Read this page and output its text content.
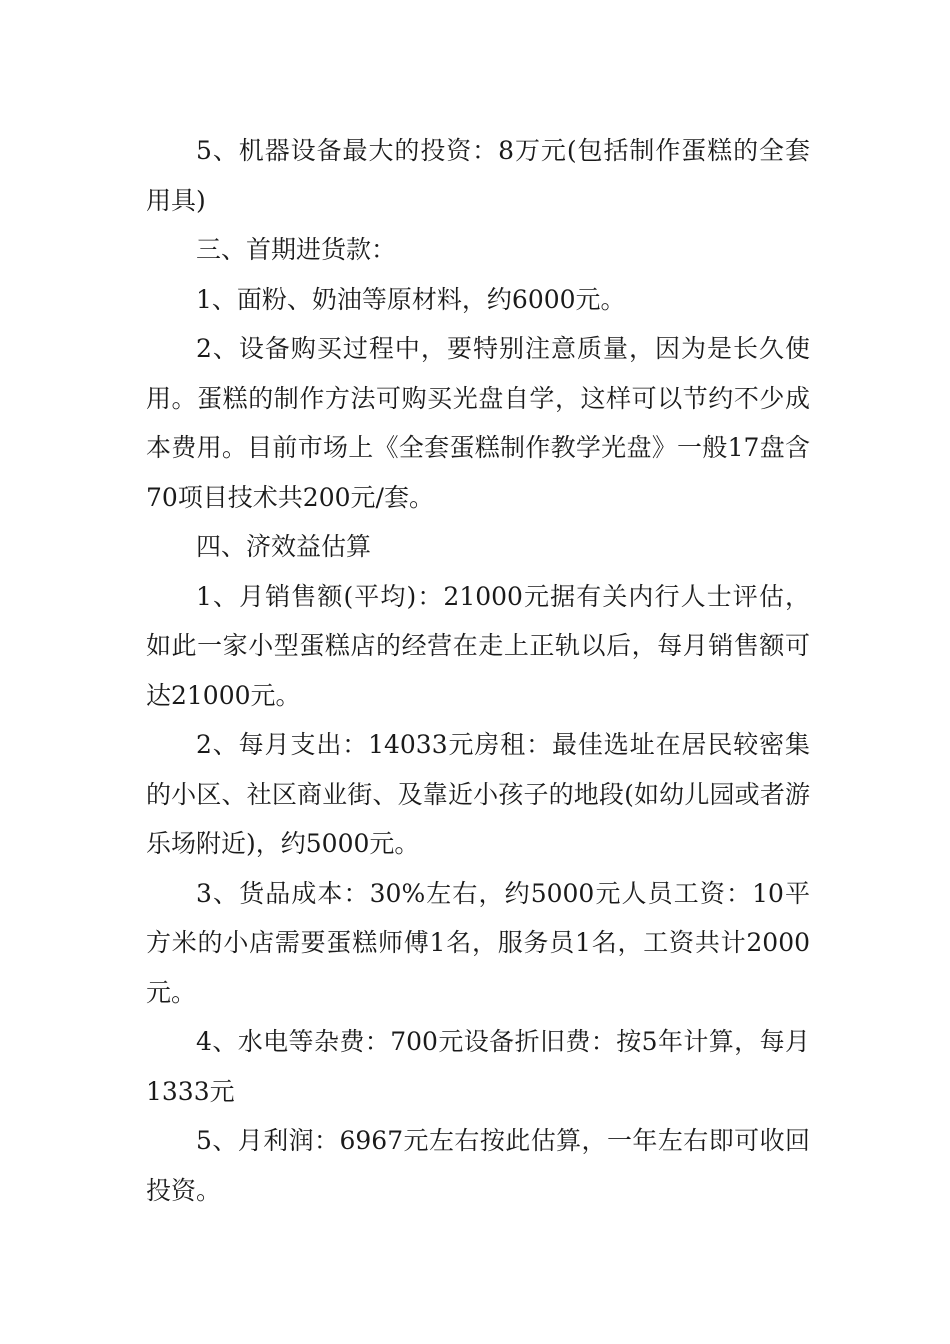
5、机器设备最大的投资：8万元(包括制作蛋糕的全套用具)

三、首期进货款：

1、面粉、奶油等原材料，约6000元。

2、设备购买过程中，要特别注意质量，因为是长久使用。蛋糕的制作方法可购买光盘自学，这样可以节约不少成本费用。目前市场上《全套蛋糕制作教学光盘》一般17盘含70项目技术共200元/套。

四、济效益估算

1、月销售额(平均)：21000元据有关内行人士评估，如此一家小型蛋糕店的经营在走上正轨以后，每月销售额可达21000元。

2、每月支出：14033元房租：最佳选址在居民较密集的小区、社区商业街、及靠近小孩子的地段(如幼儿园或者游乐场附近)，约5000元。

3、货品成本：30%左右，约5000元人员工资：10平方米的小店需要蛋糕师傅1名，服务员1名，工资共计2000元。

4、水电等杂费：700元设备折旧费：按5年计算，每月1333元

5、月利润：6967元左右按此估算，一年左右即可收回投资。
